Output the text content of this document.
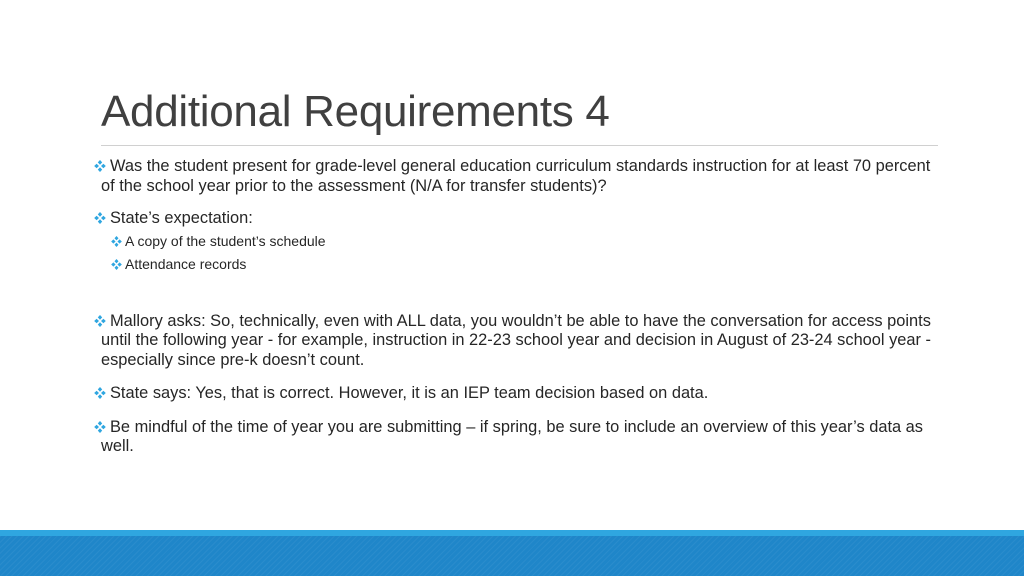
Additional Requirements 4

Was the student present for grade-level general education curriculum standards instruction for at least 70 percent of the school year prior to the assessment (N/A for transfer students)?

State’s expectation:

A copy of the student’s schedule

Attendance records

Mallory asks: So, technically, even with ALL data, you wouldn’t be able to have the conversation for access points until the following year - for example, instruction in 22-23 school year and decision in August of 23-24 school year - especially since pre-k doesn’t count.

State says: Yes, that is correct. However, it is an IEP team decision based on data.

Be mindful of the time of year you are submitting – if spring, be sure to include an overview of this year’s data as well.
